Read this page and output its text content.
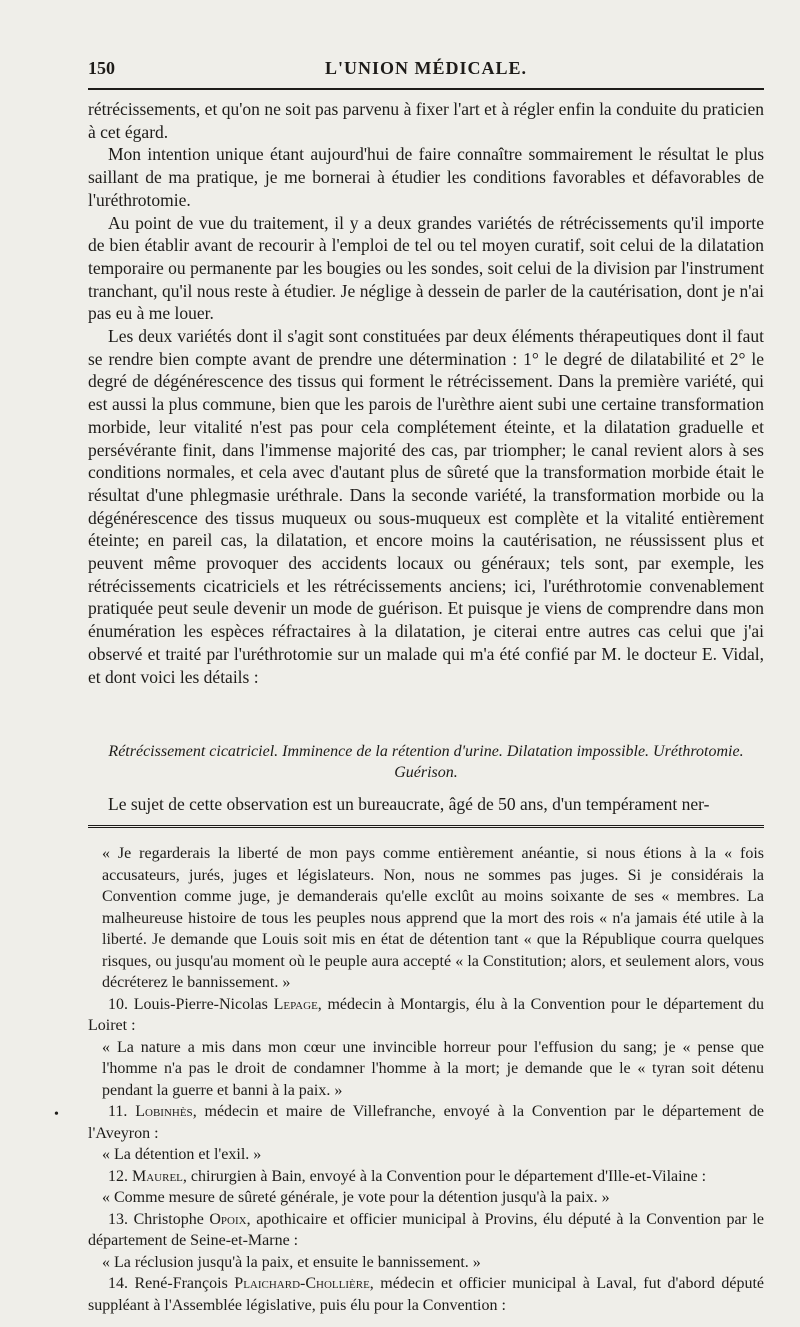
150	L'UNION MÉDICALE.

rétrécissements, et qu'on ne soit pas parvenu à fixer l'art et à régler enfin la conduite du praticien à cet égard.

Mon intention unique étant aujourd'hui de faire connaître sommairement le résultat le plus saillant de ma pratique, je me bornerai à étudier les conditions favorables et défavorables de l'uréthrotomie.

Au point de vue du traitement, il y a deux grandes variétés de rétrécissements qu'il importe de bien établir avant de recourir à l'emploi de tel ou tel moyen curatif, soit celui de la dilatation temporaire ou permanente par les bougies ou les sondes, soit celui de la division par l'instrument tranchant, qu'il nous reste à étudier. Je néglige à dessein de parler de la cautérisation, dont je n'ai pas eu à me louer.

Les deux variétés dont il s'agit sont constituées par deux éléments thérapeutiques dont il faut se rendre bien compte avant de prendre une détermination : 1° le degré de dilatabilité et 2° le degré de dégénérescence des tissus qui forment le rétrécissement. Dans la première variété, qui est aussi la plus commune, bien que les parois de l'urèthre aient subi une certaine transformation morbide, leur vitalité n'est pas pour cela complétement éteinte, et la dilatation graduelle et persévérante finit, dans l'immense majorité des cas, par triompher; le canal revient alors à ses conditions normales, et cela avec d'autant plus de sûreté que la transformation morbide était le résultat d'une phlegmasie uréthrale. Dans la seconde variété, la transformation morbide ou la dégénérescence des tissus muqueux ou sous-muqueux est complète et la vitalité entièrement éteinte; en pareil cas, la dilatation, et encore moins la cautérisation, ne réussissent plus et peuvent même provoquer des accidents locaux ou généraux; tels sont, par exemple, les rétrécissements cicatriciels et les rétrécissements anciens; ici, l'uréthrotomie convenablement pratiquée peut seule devenir un mode de guérison. Et puisque je viens de comprendre dans mon énumération les espèces réfractaires à la dilatation, je citerai entre autres cas celui que j'ai observé et traité par l'uréthrotomie sur un malade qui m'a été confié par M. le docteur E. Vidal, et dont voici les détails :

Rétrécissement cicatriciel. Imminence de la rétention d'urine. Dilatation impossible. Uréthrotomie. Guérison.
Le sujet de cette observation est un bureaucrate, âgé de 50 ans, d'un tempérament ner-

« Je regarderais la liberté de mon pays comme entièrement anéantie, si nous étions à la « fois accusateurs, jurés, juges et législateurs. Non, nous ne sommes pas juges. Si je considérais la Convention comme juge, je demanderais qu'elle exclût au moins soixante de ses « membres. La malheureuse histoire de tous les peuples nous apprend que la mort des rois « n'a jamais été utile à la liberté. Je demande que Louis soit mis en état de détention tant « que la République courra quelques risques, ou jusqu'au moment où le peuple aura accepté « la Constitution; alors, et seulement alors, vous décréterez le bannissement. »

10. Louis-Pierre-Nicolas Lepage, médecin à Montargis, élu à la Convention pour le département du Loiret :

« La nature a mis dans mon cœur une invincible horreur pour l'effusion du sang; je « pense que l'homme n'a pas le droit de condamner l'homme à la mort; je demande que le « tyran soit détenu pendant la guerre et banni à la paix. »

11. Lobinhès, médecin et maire de Villefranche, envoyé à la Convention par le département de l'Aveyron :

« La détention et l'exil. »

12. Maurel, chirurgien à Bain, envoyé à la Convention pour le département d'Ille-et-Vilaine :

« Comme mesure de sûreté générale, je vote pour la détention jusqu'à la paix. »

13. Christophe Opoix, apothicaire et officier municipal à Provins, élu député à la Convention par le département de Seine-et-Marne :

« La réclusion jusqu'à la paix, et ensuite le bannissement. »

14. René-François Plaichard-Chollière, médecin et officier municipal à Laval, fut d'abord député suppléant à l'Assemblée législative, puis élu pour la Convention :

•
